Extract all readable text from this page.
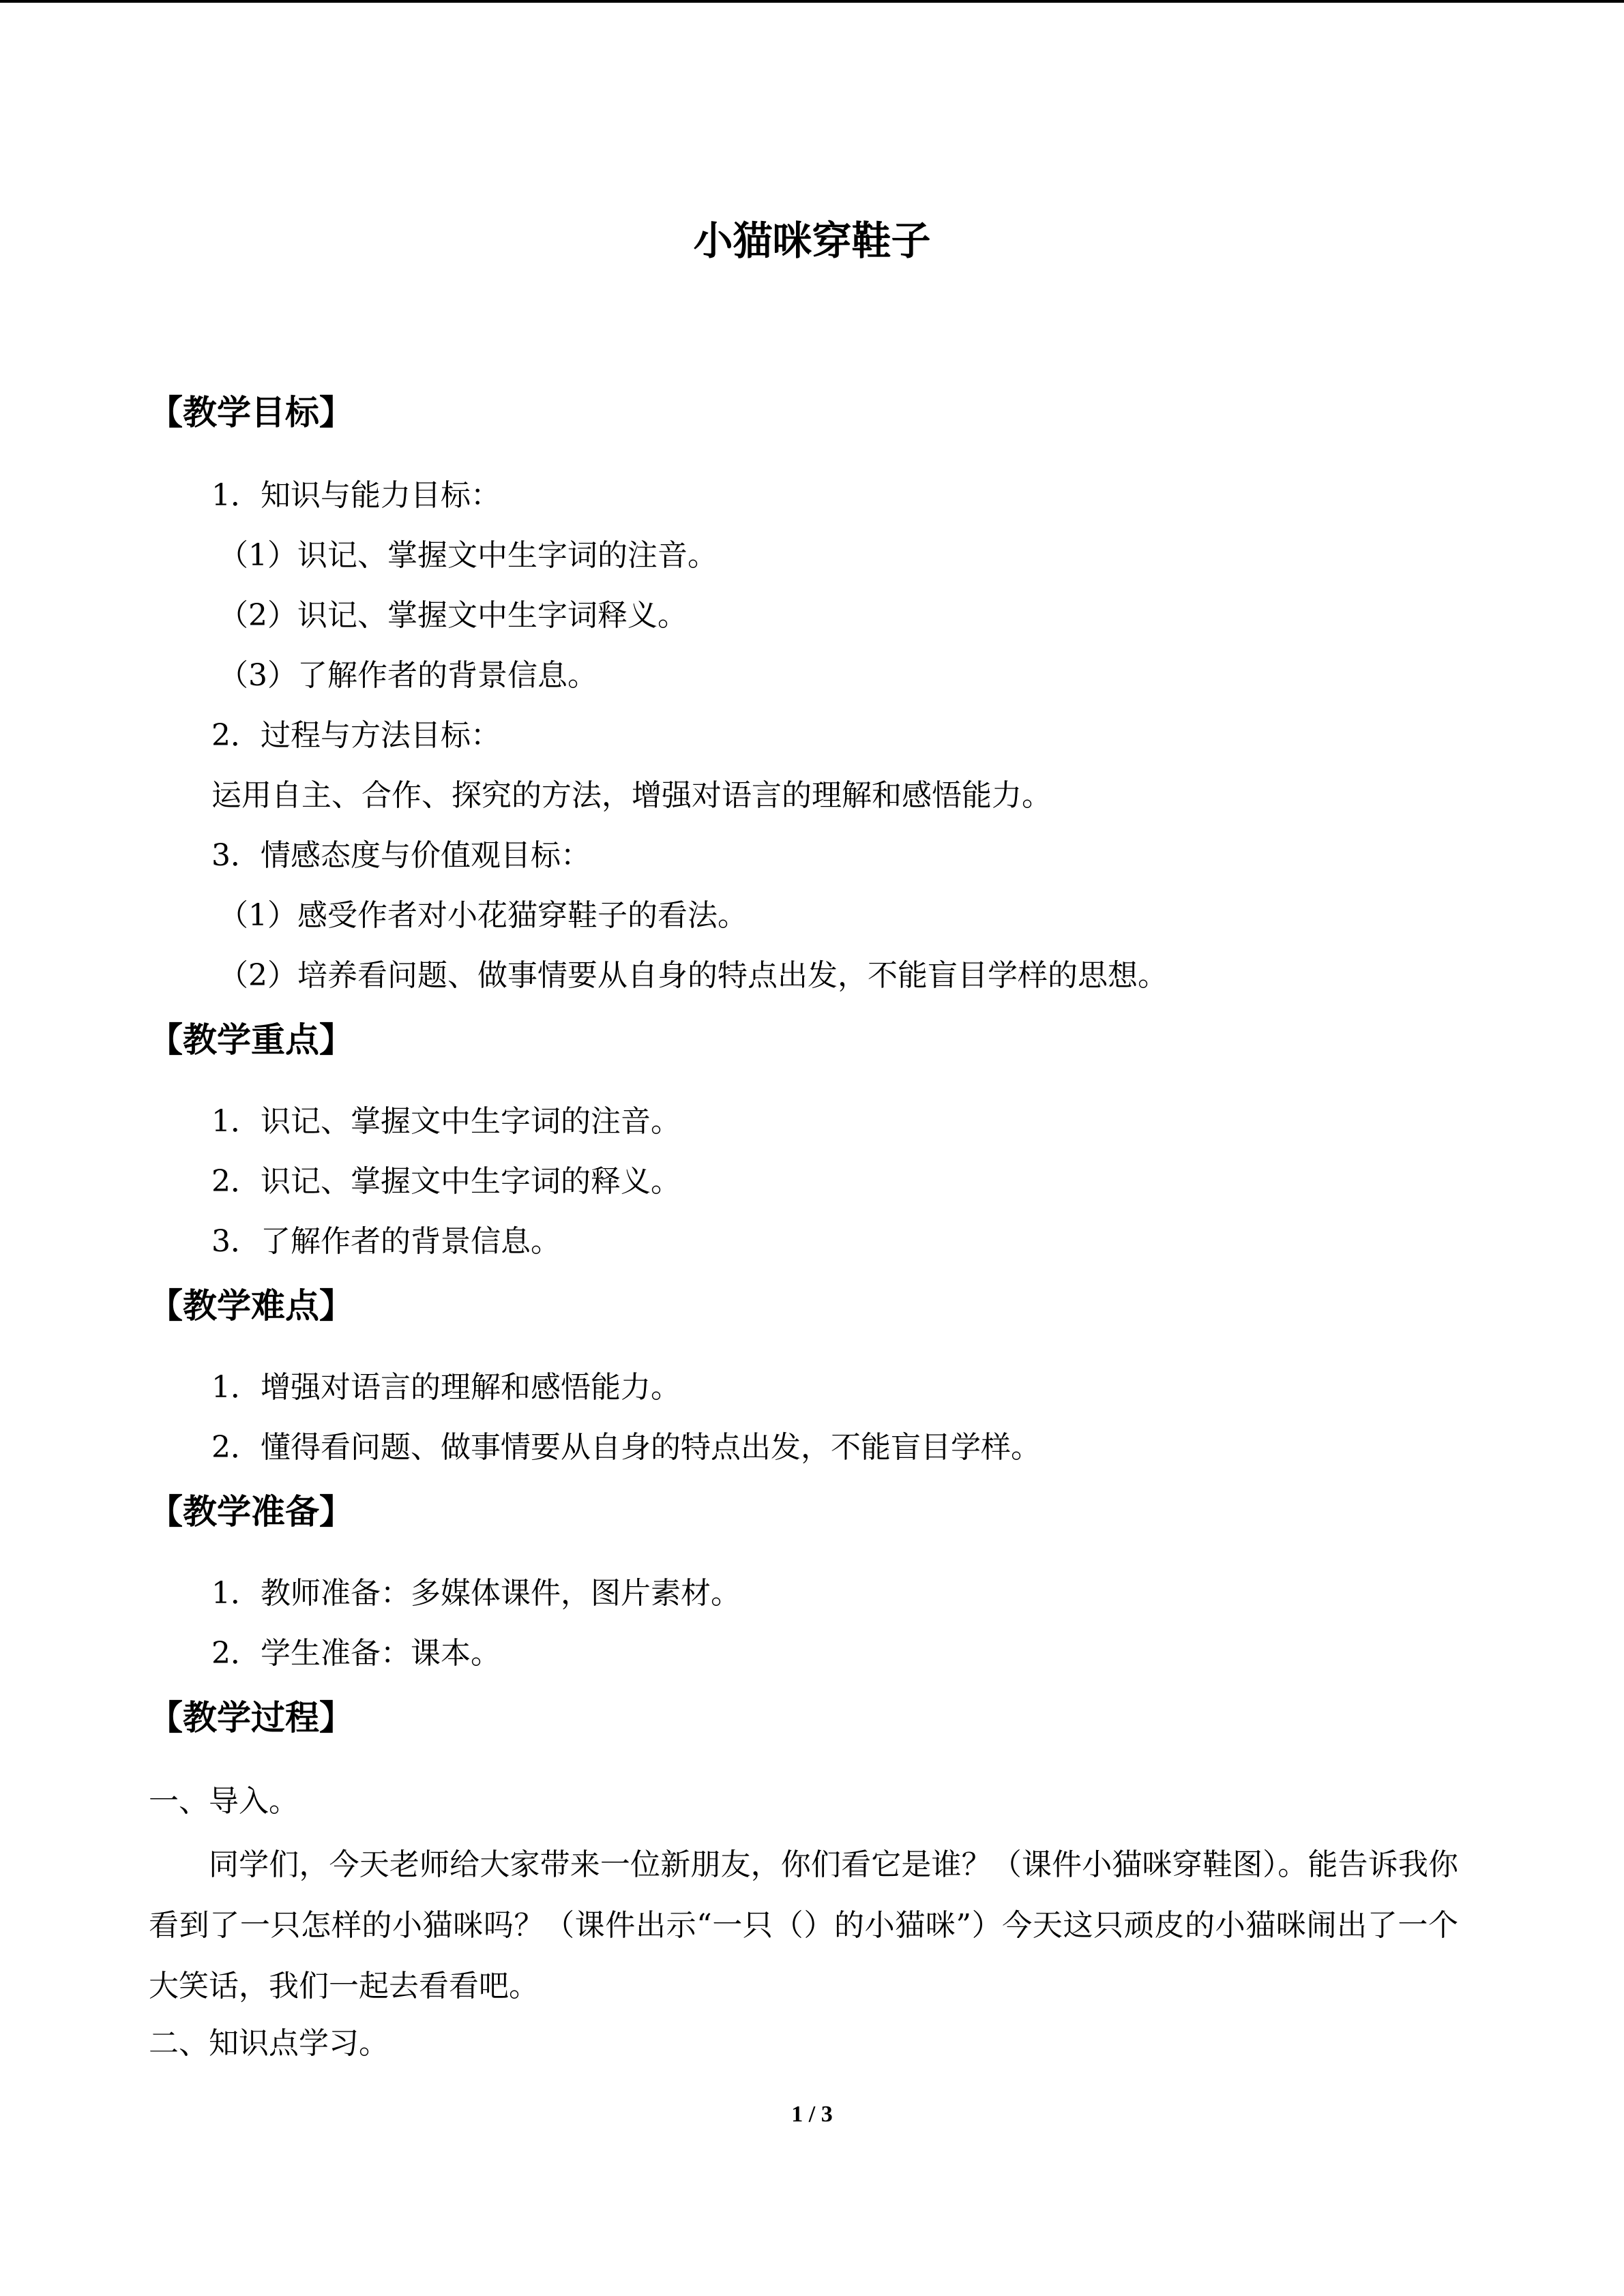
小猫咪穿鞋子
【教学目标】
1．知识与能力目标：
（1）识记、掌握文中生字词的注音。
（2）识记、掌握文中生字词释义。
（3）了解作者的背景信息。
2．过程与方法目标：
运用自主、合作、探究的方法，增强对语言的理解和感悟能力。
3．情感态度与价值观目标：
（1）感受作者对小花猫穿鞋子的看法。
（2）培养看问题、做事情要从自身的特点出发，不能盲目学样的思想。
【教学重点】
1．识记、掌握文中生字词的注音。
2．识记、掌握文中生字词的释义。
3．了解作者的背景信息。
【教学难点】
1．增强对语言的理解和感悟能力。
2．懂得看问题、做事情要从自身的特点出发，不能盲目学样。
【教学准备】
1．教师准备：多媒体课件，图片素材。
2．学生准备：课本。
【教学过程】
一、导入。
同学们，今天老师给大家带来一位新朋友，你们看它是谁？（课件小猫咪穿鞋图）。能告诉我你看到了一只怎样的小猫咪吗？（课件出示“一只（）的小猫咪”）今天这只顽皮的小猫咪闹出了一个大笑话，我们一起去看看吧。
二、知识点学习。
1 / 3
